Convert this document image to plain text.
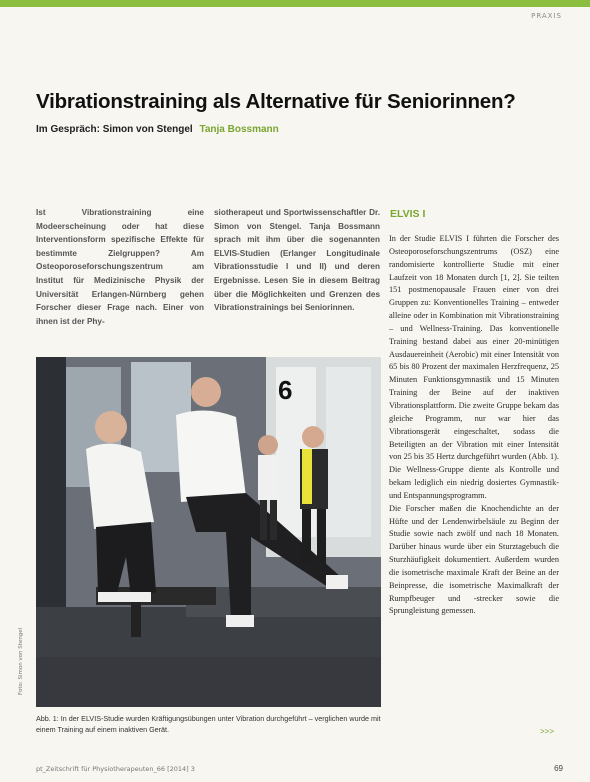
PRAXIS
Vibrationstraining als Alternative für Seniorinnen?
Im Gespräch: Simon von Stengel Tanja Bossmann
Ist Vibrationstraining eine Modeerscheinung oder hat diese Interventionsform spezifische Effekte für bestimmte Zielgruppen? Am Osteoporoseforschungszentrum am Institut für Medizinische Physik der Universität Erlangen-Nürnberg gehen Forscher dieser Frage nach. Einer von ihnen ist der Phy-
siotherapeut und Sportwissenschaftler Dr. Simon von Stengel. Tanja Bossmann sprach mit ihm über die sogenannten ELVIS-Studien (Erlanger Longitudinale Vibrationsstudie I und II) und deren Ergebnisse. Lesen Sie in diesem Beitrag über die Möglichkeiten und Grenzen des Vibrationstrainings bei Seniorinnen.
ELVIS I
In der Studie ELVIS I führten die Forscher des Osteoporoseforschungszentrums (OSZ) eine randomisierte kontrollierte Studie mit einer Laufzeit von 18 Monaten durch [1, 2]. Sie teilten 151 postmenopausale Frauen einer von drei Gruppen zu: Konventionelles Training – entweder alleine oder in Kombination mit Vibrationstraining – und Wellness-Training. Das konventionelle Training bestand dabei aus einer 20-minütigen Ausdauereinheit (Aerobic) mit einer Intensität von 65 bis 80 Prozent der maximalen Herzfrequenz, 25 Minuten Funktionsgymnastik und 15 Minuten Training der Beine auf der inaktiven Vibrationsplattform. Die zweite Gruppe bekam das gleiche Programm, nur war hier das Vibrationsgerät eingeschaltet, sodass die Beteiligten an der Vibration mit einer Intensität von 25 bis 35 Hertz durchgeführt wurden (Abb. 1). Die Wellness-Gruppe diente als Kontrolle und bekam lediglich ein niedrig dosiertes Gymnastik- und Entspannungsprogramm.
Die Forscher maßen die Knochendichte an der Hüfte und der Lendenwirbelsäule zu Beginn der Studie sowie nach zwölf und nach 18 Monaten. Darüber hinaus wurde über ein Sturztagebuch die Sturzhäufigkeit dokumentiert. Außerdem wurden die isometrische maximale Kraft der Beine an der Beinpresse, die isometrische Maximalkraft der Rumpfbeuger und -strecker sowie die Sprungleistung gemessen.
>>>
6
Foto: Simon von Stengel
Abb. 1: In der ELVIS-Studie wurden Kräftigungsübungen unter Vibration durchgeführt – verglichen wurde mit einem Training auf einem inaktiven Gerät.
pt_Zeitschrift für Physiotherapeuten_66 [2014] 3	69
